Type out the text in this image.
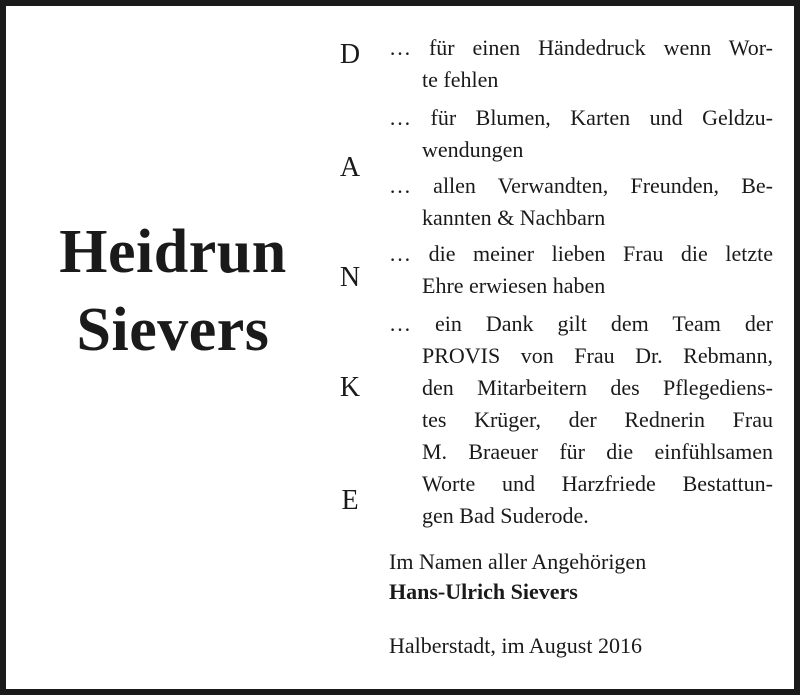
Heidrun
Sievers
D
A
N
K
E
… für einen Händedruck wenn Wor-
te fehlen
… für Blumen, Karten und Geldzu-
wendungen
… allen Verwandten, Freunden, Be-
kannten & Nachbarn
… die meiner lieben Frau die letzte
Ehre erwiesen haben
… ein Dank gilt dem Team der
PROVIS von Frau Dr. Rebmann,
den Mitarbeitern des Pflegediens-
tes Krüger, der Rednerin Frau
M. Braeuer für die einfühlsamen
Worte und Harzfriede Bestattun-
gen Bad Suderode.
Im Namen aller Angehörigen
Hans-Ulrich Sievers
Halberstadt, im August 2016
